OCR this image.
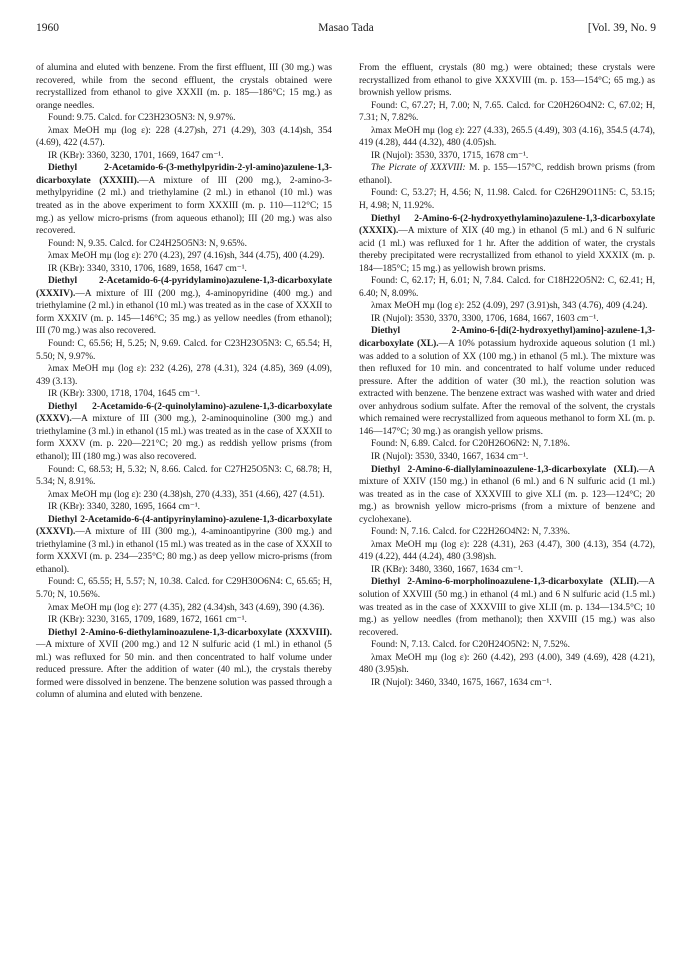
1960	Masao Tada	[Vol. 39, No. 9

of alumina and eluted with benzene. From the first effluent, III (30 mg.) was recovered, while from the second effluent, the crystals obtained were recrystallized from ethanol to give XXXII (m. p. 185—186°C; 15 mg.) as orange needles.

Found: 9.75. Calcd. for C23H23O5N3: N, 9.97%.

λmax MeOH mμ (log ε): 228 (4.27)sh, 271 (4.29), 303 (4.14)sh, 354 (4.69), 422 (4.57).

IR (KBr): 3360, 3230, 1701, 1669, 1647 cm⁻¹.

Diethyl 2-Acetamido-6-(3-methylpyridin-2-yl-amino)azulene-1,3-dicarboxylate (XXXIII).—A mixture of III (200 mg.), 2-amino-3-methylpyridine (2 ml.) and triethylamine (2 ml.) in ethanol (10 ml.) was treated as in the above experiment to form XXXIII (m. p. 110—112°C; 15 mg.) as yellow micro-prisms (from aqueous ethanol); III (20 mg.) was also recovered.

Found: N, 9.35. Calcd. for C24H25O5N3: N, 9.65%.

λmax MeOH mμ (log ε): 270 (4.23), 297 (4.16)sh, 344 (4.75), 400 (4.29).

IR (KBr): 3340, 3310, 1706, 1689, 1658, 1647 cm⁻¹.

Diethyl 2-Acetamido-6-(4-pyridylamino)azulene-1,3-dicarboxylate (XXXIV).—A mixture of III (200 mg.), 4-aminopyridine (400 mg.) and triethylamine (2 ml.) in ethanol (10 ml.) was treated as in the case of XXXII to form XXXIV (m. p. 145—146°C; 35 mg.) as yellow needles (from ethanol); III (70 mg.) was also recovered.

Found: C, 65.56; H, 5.25; N, 9.69. Calcd. for C23H23O5N3: C, 65.54; H, 5.50; N, 9.97%.

λmax MeOH mμ (log ε): 232 (4.26), 278 (4.31), 324 (4.85), 369 (4.09), 439 (3.13).

IR (KBr): 3300, 1718, 1704, 1645 cm⁻¹.

Diethyl 2-Acetamido-6-(2-quinolylamino)-azulene-1,3-dicarboxylate (XXXV).—A mixture of III (300 mg.), 2-aminoquinoline (300 mg.) and triethylamine (3 ml.) in ethanol (15 ml.) was treated as in the case of XXXII to form XXXV (m. p. 220—221°C; 20 mg.) as reddish yellow prisms (from ethanol); III (180 mg.) was also recovered.

Found: C, 68.53; H, 5.32; N, 8.66. Calcd. for C27H25O5N3: C, 68.78; H, 5.34; N, 8.91%.

λmax MeOH mμ (log ε): 230 (4.38)sh, 270 (4.33), 351 (4.66), 427 (4.51).

IR (KBr): 3340, 3280, 1695, 1664 cm⁻¹.

Diethyl 2-Acetamido-6-(4-antipyrinylamino)-azulene-1,3-dicarboxylate (XXXVI).—A mixture of III (300 mg.), 4-aminoantipyrine (300 mg.) and triethylamine (3 ml.) in ethanol (15 ml.) was treated as in the case of XXXII to form XXXVI (m. p. 234—235°C; 80 mg.) as deep yellow micro-prisms (from ethanol).

Found: C, 65.55; H, 5.57; N, 10.38. Calcd. for C29H30O6N4: C, 65.65; H, 5.70; N, 10.56%.

λmax MeOH mμ (log ε): 277 (4.35), 282 (4.34)sh, 343 (4.69), 390 (4.36).

IR (KBr): 3230, 3165, 1709, 1689, 1672, 1661 cm⁻¹.

Diethyl 2-Amino-6-diethylaminoazulene-1,3-dicarboxylate (XXXVIII).—A mixture of XVII (200 mg.) and 12 N sulfuric acid (1 ml.) in ethanol (5 ml.) was refluxed for 50 min. and then concentrated to half volume under reduced pressure. After the addition of water (40 ml.), the crystals thereby formed were dissolved in benzene. The benzene solution was passed through a column of alumina and eluted with benzene.

From the effluent, crystals (80 mg.) were obtained; these crystals were recrystallized from ethanol to give XXXVIII (m. p. 153—154°C; 65 mg.) as brownish yellow prisms.

Found: C, 67.27; H, 7.00; N, 7.65. Calcd. for C20H26O4N2: C, 67.02; H, 7.31; N, 7.82%.

λmax MeOH mμ (log ε): 227 (4.33), 265.5 (4.49), 303 (4.16), 354.5 (4.74), 419 (4.28), 444 (4.32), 480 (4.05)sh.

IR (Nujol): 3530, 3370, 1715, 1678 cm⁻¹.

The Picrate of XXXVIII: M. p. 155—157°C, reddish brown prisms (from ethanol).

Found: C, 53.27; H, 4.56; N, 11.98. Calcd. for C26H29O11N5: C, 53.15; H, 4.98; N, 11.92%.

Diethyl 2-Amino-6-(2-hydroxyethylamino)azulene-1,3-dicarboxylate (XXXIX).—A mixture of XIX (40 mg.) in ethanol (5 ml.) and 6 N sulfuric acid (1 ml.) was refluxed for 1 hr. After the addition of water, the crystals thereby precipitated were recrystallized from ethanol to yield XXXIX (m. p. 184—185°C; 15 mg.) as yellowish brown prisms.

Found: C, 62.17; H, 6.01; N, 7.84. Calcd. for C18H22O5N2: C, 62.41; H, 6.40; N, 8.09%.

λmax MeOH mμ (log ε): 252 (4.09), 297 (3.91)sh, 343 (4.76), 409 (4.24).

IR (Nujol): 3530, 3370, 3300, 1706, 1684, 1667, 1603 cm⁻¹.

Diethyl 2-Amino-6-[di(2-hydroxyethyl)amino]-azulene-1,3-dicarboxylate (XL).—A 10% potassium hydroxide aqueous solution (1 ml.) was added to a solution of XX (100 mg.) in ethanol (5 ml.). The mixture was then refluxed for 10 min. and concentrated to half volume under reduced pressure. After the addition of water (30 ml.), the reaction solution was extracted with benzene. The benzene extract was washed with water and dried over anhydrous sodium sulfate. After the removal of the solvent, the crystals which remained were recrystallized from aqueous methanol to form XL (m. p. 146—147°C; 30 mg.) as orangish yellow prisms.

Found: N, 6.89. Calcd. for C20H26O6N2: N, 7.18%.

IR (Nujol): 3530, 3340, 1667, 1634 cm⁻¹.

Diethyl 2-Amino-6-diallylaminoazulene-1,3-dicarboxylate (XLI).—A mixture of XXIV (150 mg.) in ethanol (6 ml.) and 6 N sulfuric acid (1 ml.) was treated as in the case of XXXVIII to give XLI (m. p. 123—124°C; 20 mg.) as brownish yellow micro-prisms (from a mixture of benzene and cyclohexane).

Found: N, 7.16. Calcd. for C22H26O4N2: N, 7.33%.

λmax MeOH mμ (log ε): 228 (4.31), 263 (4.47), 300 (4.13), 354 (4.72), 419 (4.22), 444 (4.24), 480 (3.98)sh.

IR (KBr): 3480, 3360, 1667, 1634 cm⁻¹.

Diethyl 2-Amino-6-morpholinoazulene-1,3-dicarboxylate (XLII).—A solution of XXVIII (50 mg.) in ethanol (4 ml.) and 6 N sulfuric acid (1.5 ml.) was treated as in the case of XXXVIII to give XLII (m. p. 134—134.5°C; 10 mg.) as yellow needles (from methanol); then XXVIII (15 mg.) was also recovered.

Found: N, 7.13. Calcd. for C20H24O5N2: N, 7.52%.

λmax MeOH mμ (log ε): 260 (4.42), 293 (4.00), 349 (4.69), 428 (4.21), 480 (3.95)sh.

IR (Nujol): 3460, 3340, 1675, 1667, 1634 cm⁻¹.
